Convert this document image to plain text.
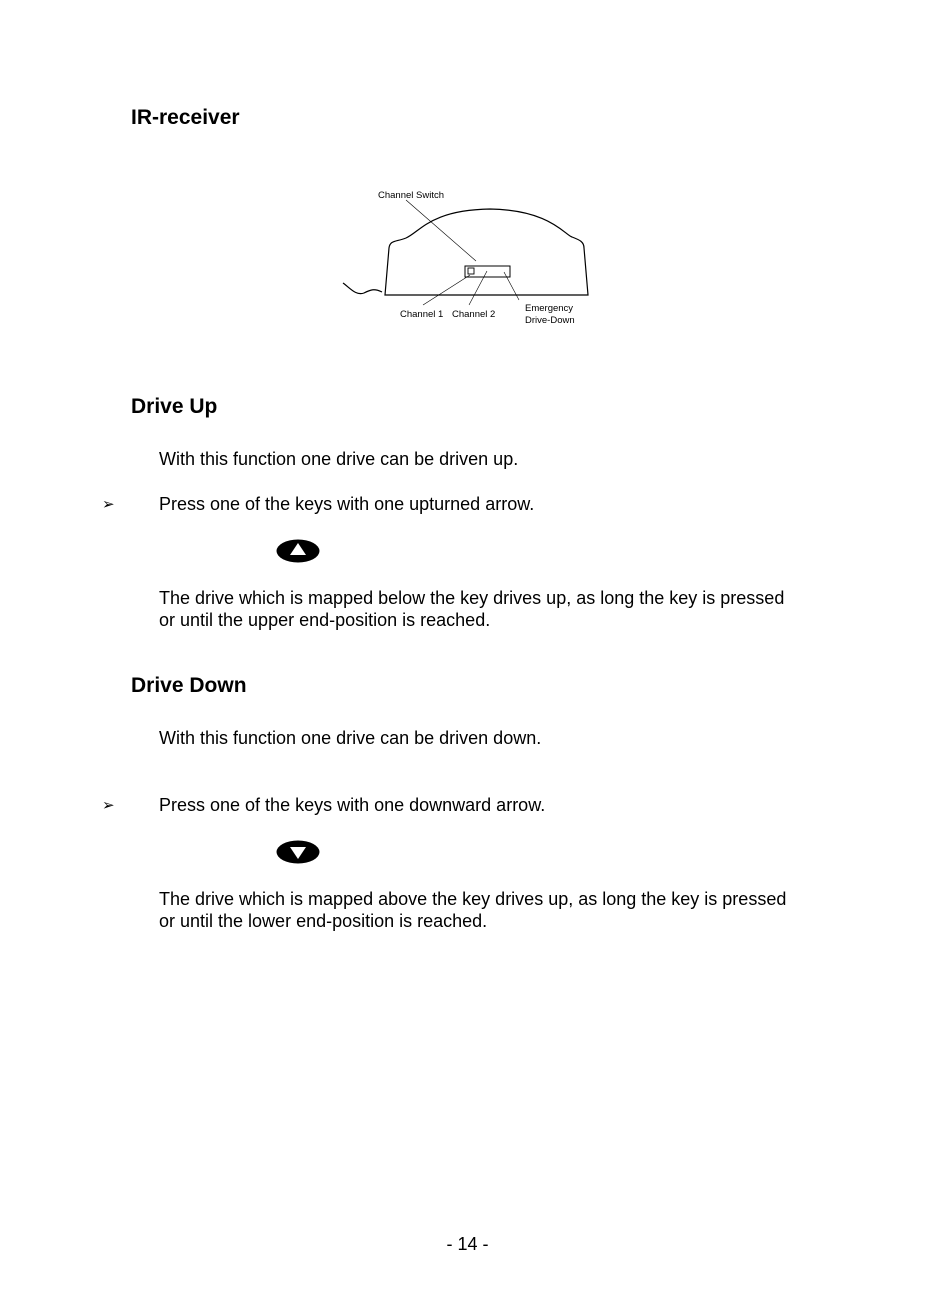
IR-receiver
Channel Switch
Channel 1 Channel 2
Emergency
Drive-Down
Drive Up

With this function one drive can be driven up.

➢ Press one of the keys with one upturned arrow.

The drive which is mapped below the key drives up, as long the key is pressed

or until the upper end-position is reached.

Drive Down

With this function one drive can be driven down.

➢ Press one of the keys with one downward arrow.

The drive which is mapped above the key drives up, as long the key is pressed

or until the lower end-position is reached.

- 14 -
